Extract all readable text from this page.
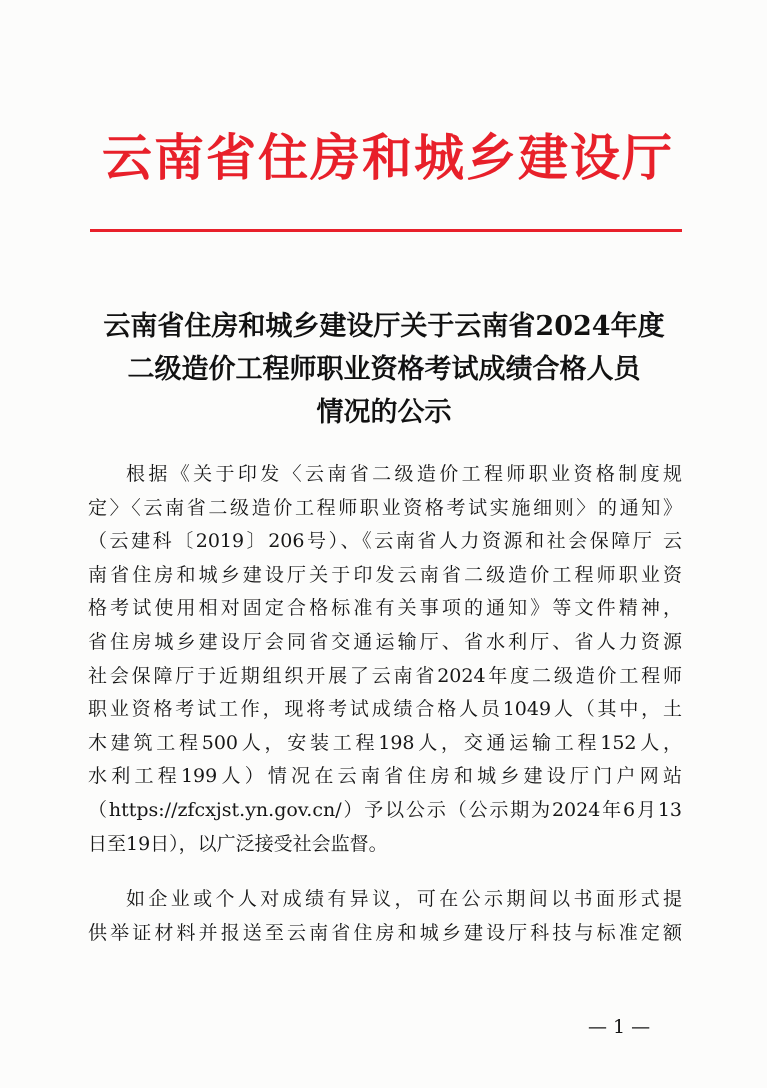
云南省住房和城乡建设厅
云南省住房和城乡建设厅关于云南省2024年度
二级造价工程师职业资格考试成绩合格人员
情况的公示
根据《关于印发〈云南省二级造价工程师职业资格制度规
定〉〈云南省二级造价工程师职业资格考试实施细则〉的通知》
（云建科〔2019〕206号）、《云南省人力资源和社会保障厅 云
南省住房和城乡建设厅关于印发云南省二级造价工程师职业资
格考试使用相对固定合格标准有关事项的通知》等文件精神，
省住房城乡建设厅会同省交通运输厅、省水利厅、省人力资源
社会保障厅于近期组织开展了云南省2024年度二级造价工程师
职业资格考试工作，现将考试成绩合格人员1049人（其中，土
木建筑工程500人，安装工程198人，交通运输工程152人，
水利工程199人）情况在云南省住房和城乡建设厅门户网站
（https://zfcxjst.yn.gov.cn/）予以公示（公示期为2024年6月13
日至19日），以广泛接受社会监督。
如企业或个人对成绩有异议，可在公示期间以书面形式提
供举证材料并报送至云南省住房和城乡建设厅科技与标准定额
— 1 —
